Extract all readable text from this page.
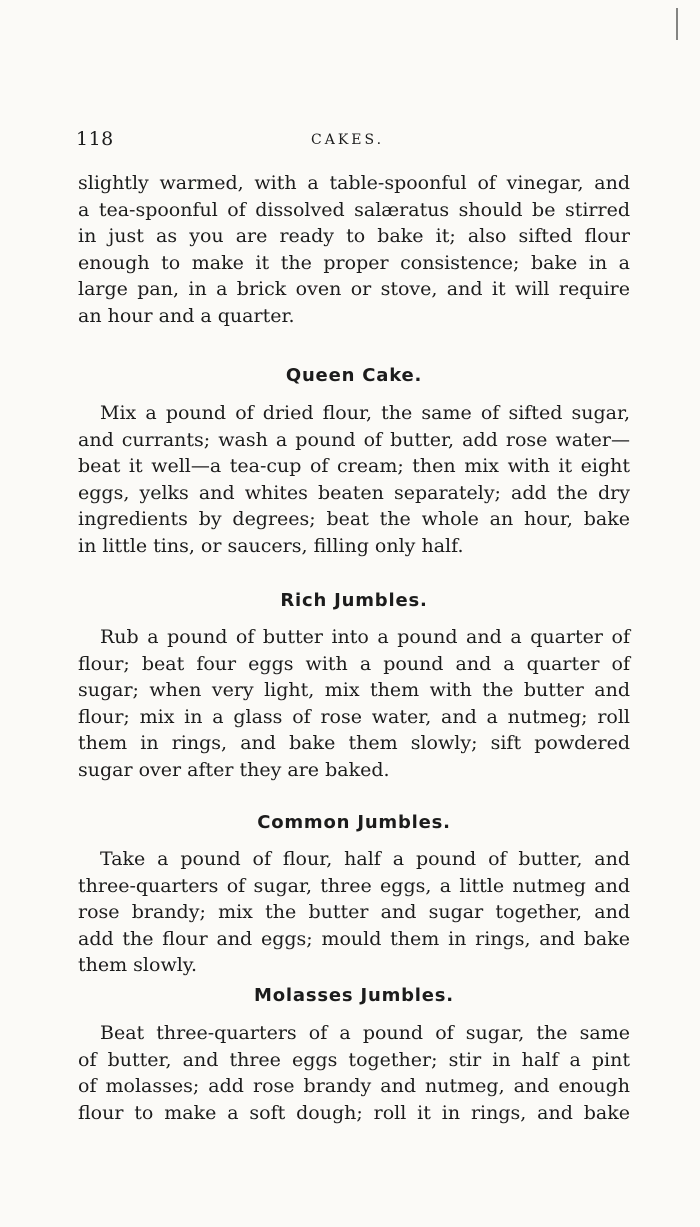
118	CAKES.
slightly warmed, with a table-spoonful of vinegar, and
a tea-spoonful of dissolved salæratus should be stirred
in just as you are ready to bake it; also sifted flour
enough to make it the proper consistence; bake in a
large pan, in a brick oven or stove, and it will require
an hour and a quarter.
Queen Cake.
Mix a pound of dried flour, the same of sifted sugar,
and currants; wash a pound of butter, add rose water—
beat it well—a tea-cup of cream; then mix with it eight
eggs, yelks and whites beaten separately; add the dry
ingredients by degrees; beat the whole an hour, bake
in little tins, or saucers, filling only half.
Rich Jumbles.
Rub a pound of butter into a pound and a quarter of
flour; beat four eggs with a pound and a quarter of
sugar; when very light, mix them with the butter and
flour; mix in a glass of rose water, and a nutmeg; roll
them in rings, and bake them slowly; sift powdered
sugar over after they are baked.
Common Jumbles.
Take a pound of flour, half a pound of butter, and
three-quarters of sugar, three eggs, a little nutmeg and
rose brandy; mix the butter and sugar together, and
add the flour and eggs; mould them in rings, and bake
them slowly.
Molasses Jumbles.
Beat three-quarters of a pound of sugar, the same
of butter, and three eggs together; stir in half a pint
of molasses; add rose brandy and nutmeg, and enough
flour to make a soft dough; roll it in rings, and bake
